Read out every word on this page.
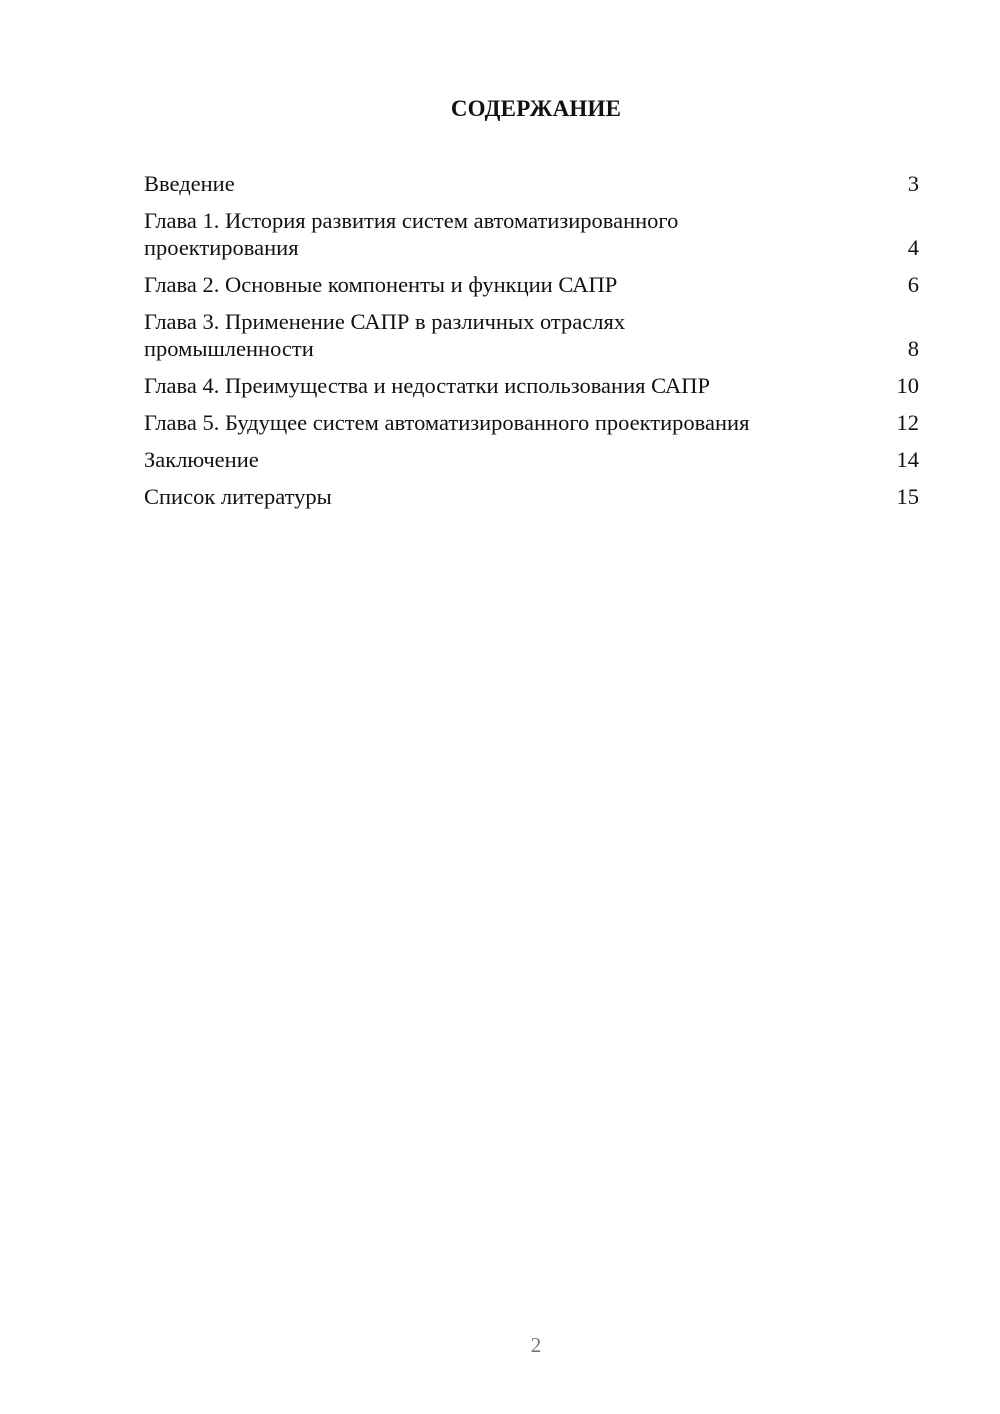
СОДЕРЖАНИЕ
Введение	3
Глава 1. История развития систем автоматизированного проектирования	4
Глава 2. Основные компоненты и функции САПР	6
Глава 3. Применение САПР в различных отраслях промышленности	8
Глава 4. Преимущества и недостатки использования САПР	10
Глава 5. Будущее систем автоматизированного проектирования	12
Заключение	14
Список литературы	15
2
